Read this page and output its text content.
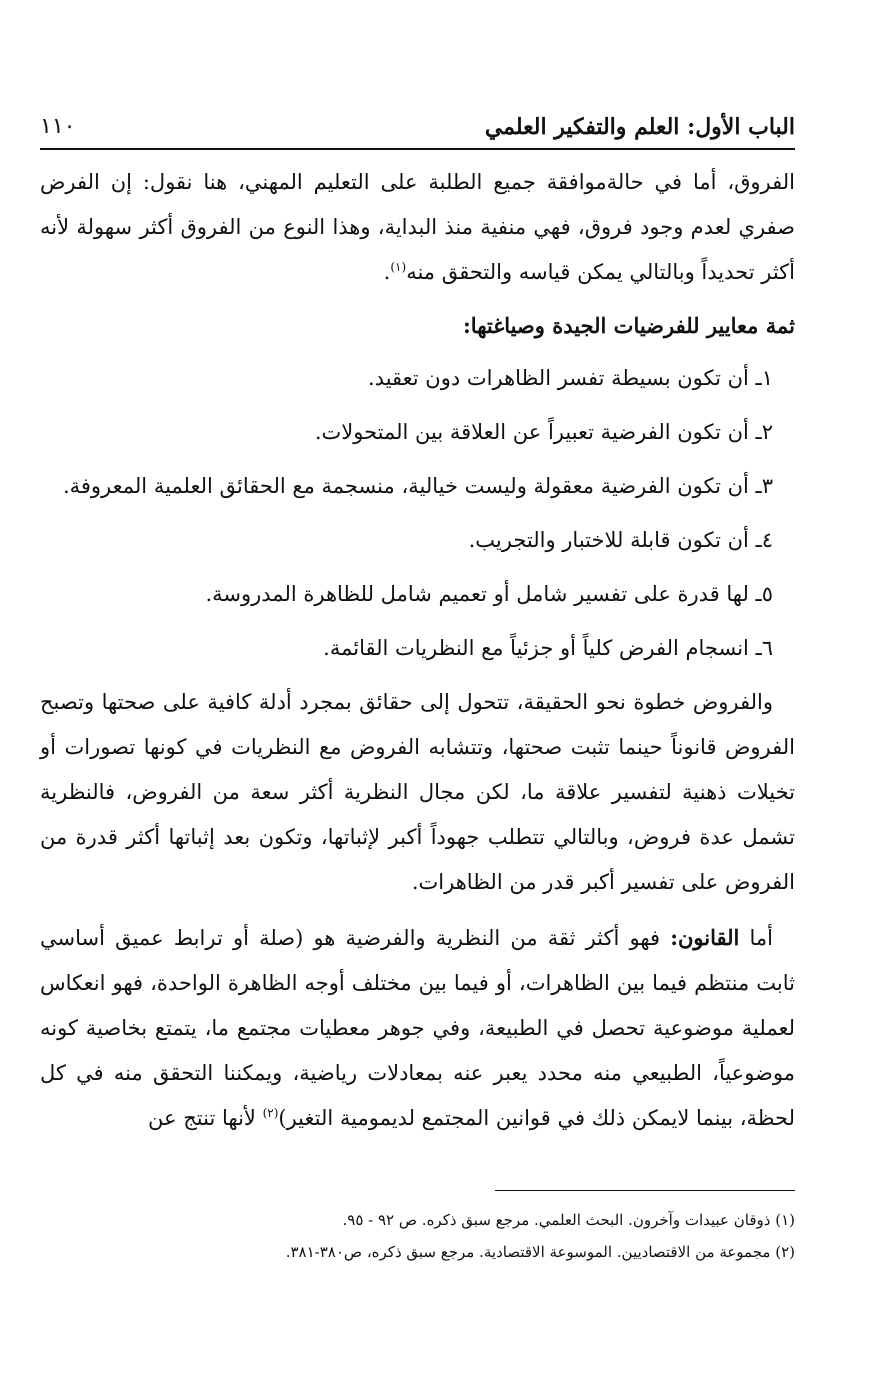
الباب الأول: العلم والتفكير العلمي
١١٠

الفروق، أما في حالةموافقة جميع الطلبة على التعليم المهني، هنا نقول: إن الفرض صفري لعدم وجود فروق، فهي منفية منذ البداية، وهذا النوع من الفروق أكثر سهولة لأنه أكثر تحديداً وبالتالي يمكن قياسه والتحقق منه$^{(١)}$.

ثمة معايير للفرضيات الجيدة وصياغتها:

١ـ أن تكون بسيطة تفسر الظاهرات دون تعقيد.
٢ـ أن تكون الفرضية تعبيراً عن العلاقة بين المتحولات.
٣ـ أن تكون الفرضية معقولة وليست خيالية، منسجمة مع الحقائق العلمية المعروفة.
٤ـ أن تكون قابلة للاختبار والتجريب.
٥ـ لها قدرة على تفسير شامل أو تعميم شامل للظاهرة المدروسة.
٦ـ انسجام الفرض كلياً أو جزئياً مع النظريات القائمة.

والفروض خطوة نحو الحقيقة، تتحول إلى حقائق بمجرد أدلة كافية على صحتها وتصبح الفروض قانوناً حينما تثبت صحتها، وتتشابه الفروض مع النظريات في كونها تصورات أو تخيلات ذهنية لتفسير علاقة ما، لكن مجال النظرية أكثر سعة من الفروض، فالنظرية تشمل عدة فروض، وبالتالي تتطلب جهوداً أكبر لإثباتها، وتكون بعد إثباتها أكثر قدرة من الفروض على تفسير أكبر قدر من الظاهرات.

أما القانون: فهو أكثر ثقة من النظرية والفرضية هو (صلة أو ترابط عميق أساسي ثابت منتظم فيما بين الظاهرات، أو فيما بين مختلف أوجه الظاهرة الواحدة، فهو انعكاس لعملية موضوعية تحصل في الطبيعة، وفي جوهر معطيات مجتمع ما، يتمتع بخاصية كونه موضوعياً، الطبيعي منه محدد يعبر عنه بمعادلات رياضية، ويمكننا التحقق منه في كل لحظة، بينما لايمكن ذلك في قوانين المجتمع لديمومية التغير)$^{(٢)}$ لأنها تنتج عن

(١) ذوقان عبيدات وآخرون. البحث العلمي. مرجع سبق ذكره. ص ٩٢ - ٩٥.

(٢) مجموعة من الاقتصاديين. الموسوعة الاقتصادية. مرجع سبق ذكره، ص٣٨٠-٣٨١.
